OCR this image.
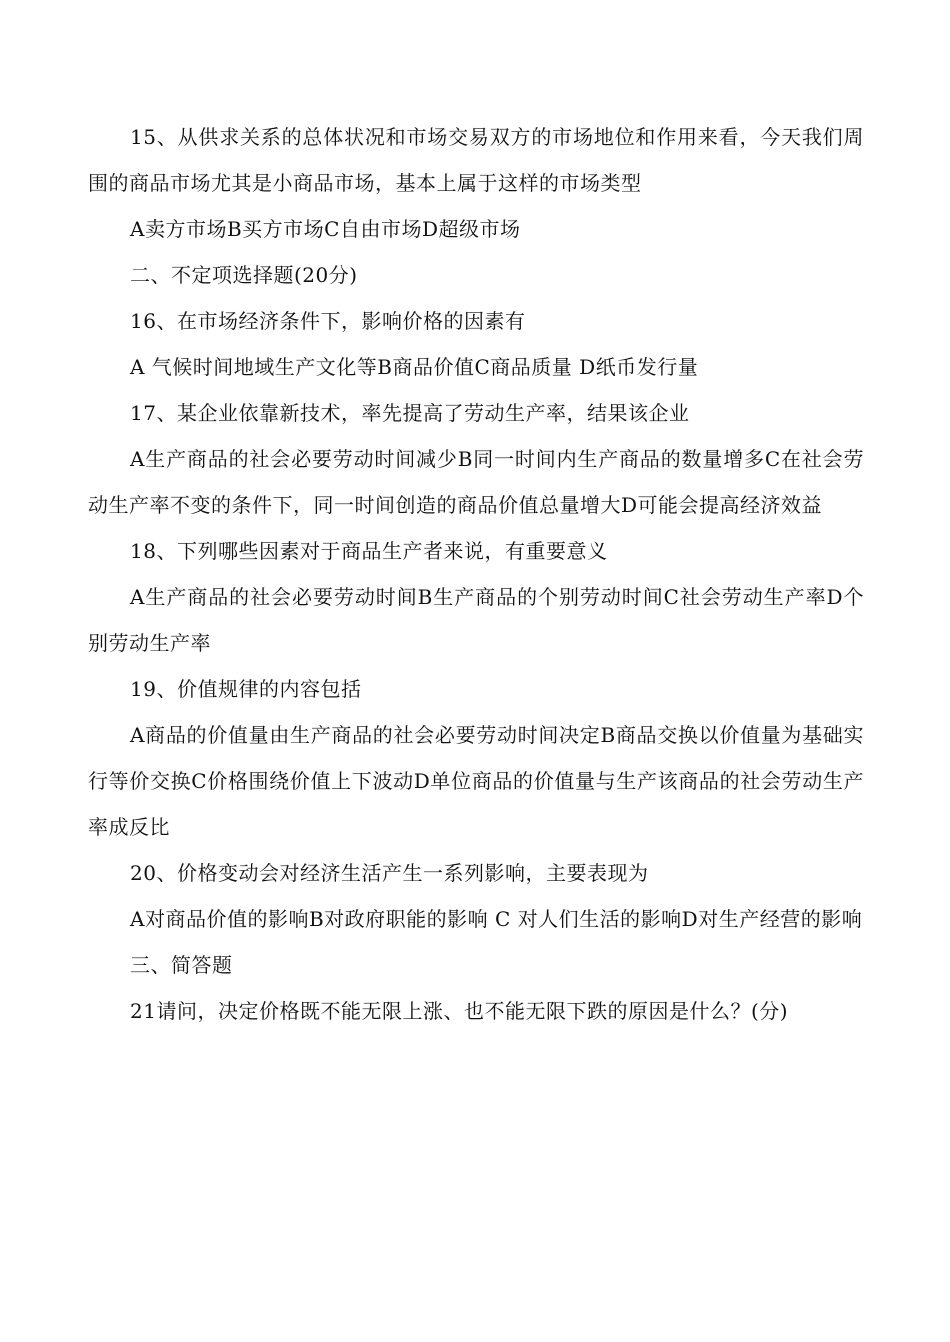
15、从供求关系的总体状况和市场交易双方的市场地位和作用来看，今天我们周围的商品市场尤其是小商品市场，基本上属于这样的市场类型

A卖方市场B买方市场C自由市场D超级市场

二、不定项选择题(20分)

16、在市场经济条件下，影响价格的因素有

A 气候时间地域生产文化等B商品价值C商品质量 D纸币发行量

17、某企业依靠新技术，率先提高了劳动生产率，结果该企业

A生产商品的社会必要劳动时间减少B同一时间内生产商品的数量增多C在社会劳动生产率不变的条件下，同一时间创造的商品价值总量增大D可能会提高经济效益

18、下列哪些因素对于商品生产者来说，有重要意义

A生产商品的社会必要劳动时间B生产商品的个别劳动时间C社会劳动生产率D个别劳动生产率

19、价值规律的内容包括

A商品的价值量由生产商品的社会必要劳动时间决定B商品交换以价值量为基础实行等价交换C价格围绕价值上下波动D单位商品的价值量与生产该商品的社会劳动生产率成反比

20、价格变动会对经济生活产生一系列影响，主要表现为

A对商品价值的影响B对政府职能的影响 C 对人们生活的影响D对生产经营的影响

三、简答题

21请问，决定价格既不能无限上涨、也不能无限下跌的原因是什么？(分)
